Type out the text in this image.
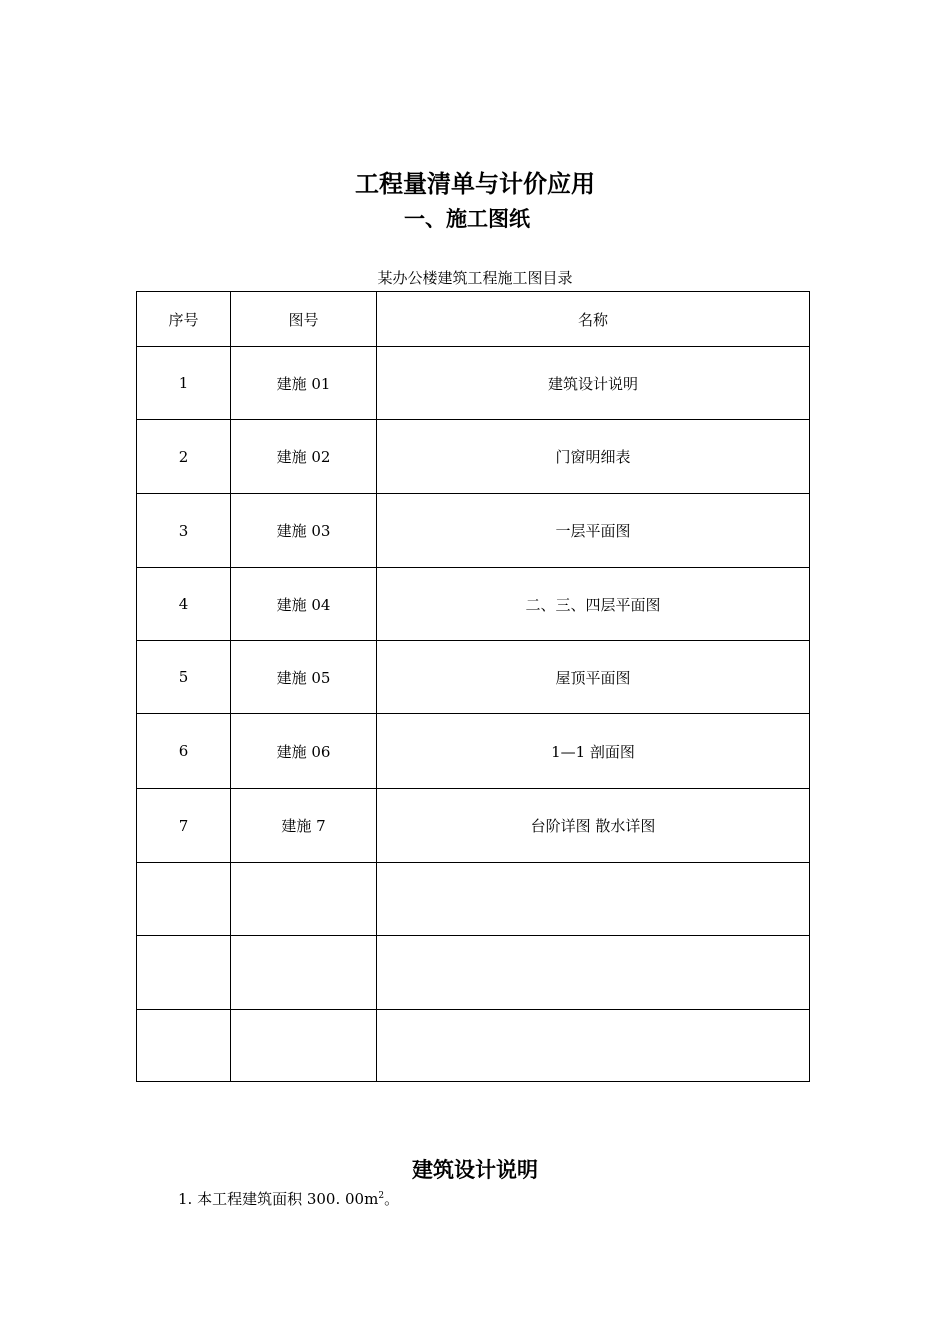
工程量清单与计价应用
一、施工图纸
某办公楼建筑工程施工图目录
序号	图号	名称
1	建施 01	建筑设计说明
2	建施 02	门窗明细表
3	建施 03	一层平面图
4	建施 04	二、三、四层平面图
5	建施 05	屋顶平面图
6	建施 06	1—1 剖面图
7	建施 7	台阶详图 散水详图

建筑设计说明
1. 本工程建筑面积 300. $00m^2$。
